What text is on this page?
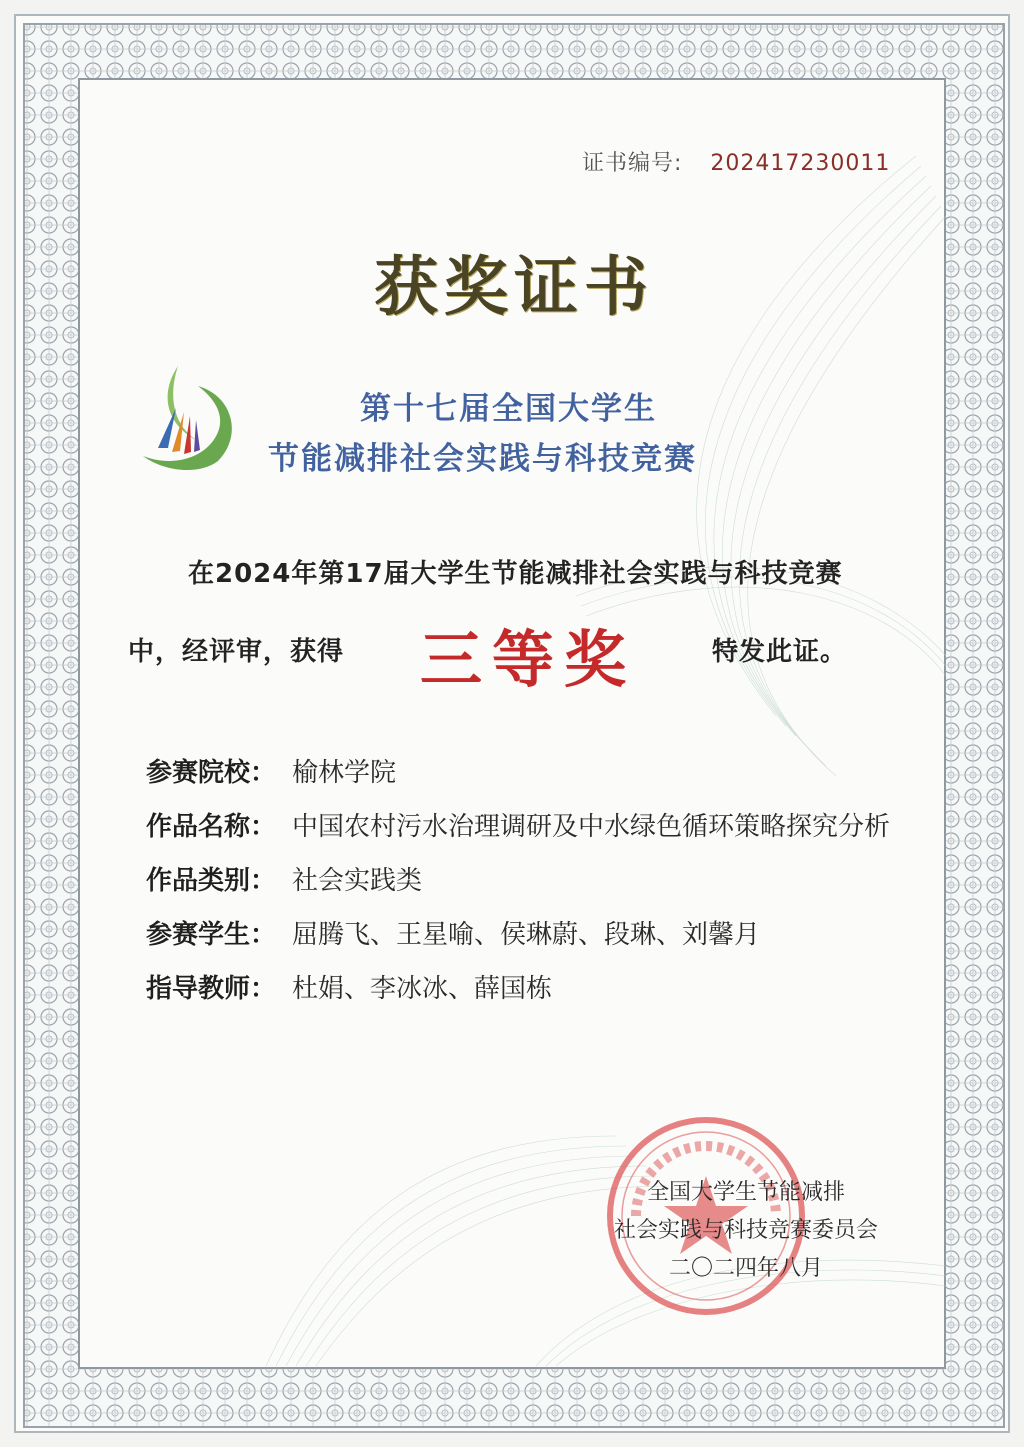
证书编号: 202417230011
获奖证书
第十七届全国大学生
节能减排社会实践与科技竞赛
在2024年第17届大学生节能减排社会实践与科技竞赛
中，经评审，获得 三等奖	特发此证。
参赛院校： 榆林学院
作品名称： 中国农村污水治理调研及中水绿色循环策略探究分析
作品类别： 社会实践类
参赛学生： 屈腾飞、王星喻、侯琳蔚、段琳、刘馨月
指导教师： 杜娟、李冰冰、薛国栋
全国大学生节能减排
社会实践与科技竞赛委员会
二〇二四年八月
